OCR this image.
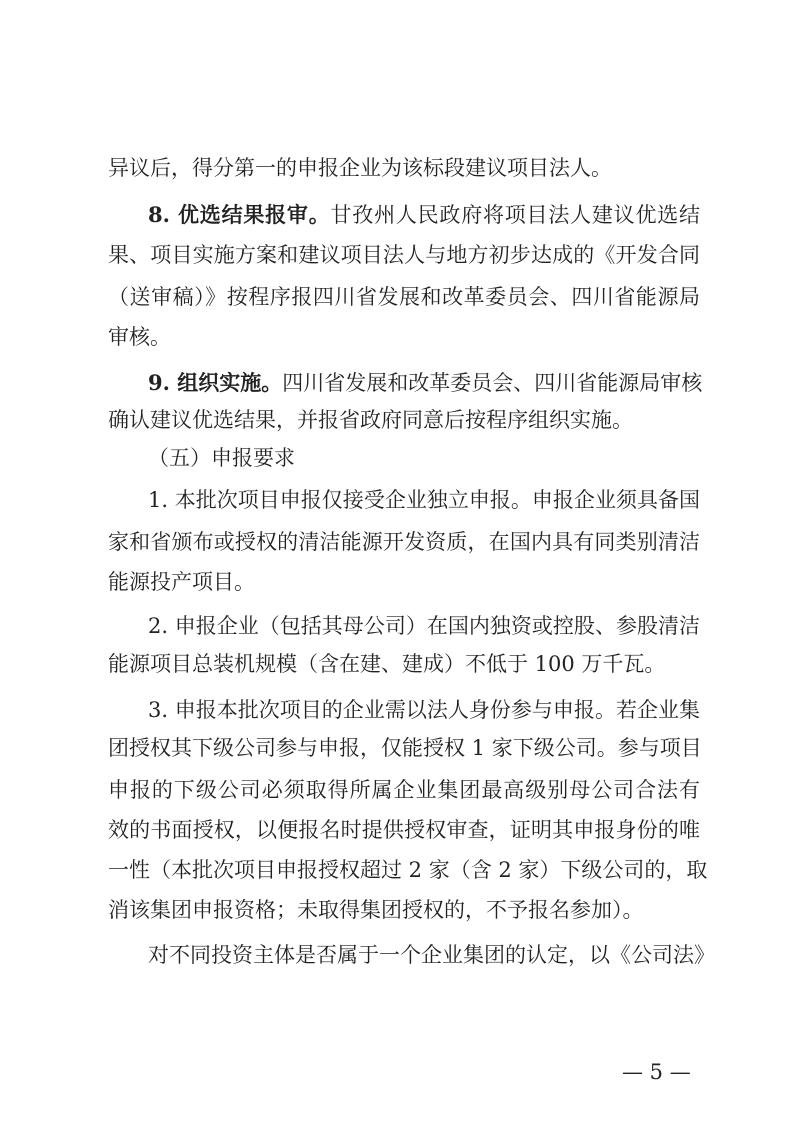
异议后，得分第一的申报企业为该标段建议项目法人。
8. 优选结果报审。甘孜州人民政府将项目法人建议优选结
果、项目实施方案和建议项目法人与地方初步达成的《开发合同
（送审稿）》按程序报四川省发展和改革委员会、四川省能源局
审核。
9. 组织实施。四川省发展和改革委员会、四川省能源局审核
确认建议优选结果，并报省政府同意后按程序组织实施。
（五）申报要求
1. 本批次项目申报仅接受企业独立申报。申报企业须具备国
家和省颁布或授权的清洁能源开发资质，在国内具有同类别清洁
能源投产项目。
2. 申报企业（包括其母公司）在国内独资或控股、参股清洁
能源项目总装机规模（含在建、建成）不低于 100 万千瓦。
3. 申报本批次项目的企业需以法人身份参与申报。若企业集
团授权其下级公司参与申报，仅能授权 1 家下级公司。参与项目
申报的下级公司必须取得所属企业集团最高级别母公司合法有
效的书面授权，以便报名时提供授权审查，证明其申报身份的唯
一性（本批次项目申报授权超过 2 家（含 2 家）下级公司的，取
消该集团申报资格；未取得集团授权的，不予报名参加）。
对不同投资主体是否属于一个企业集团的认定，以《公司法》
— 5 —
